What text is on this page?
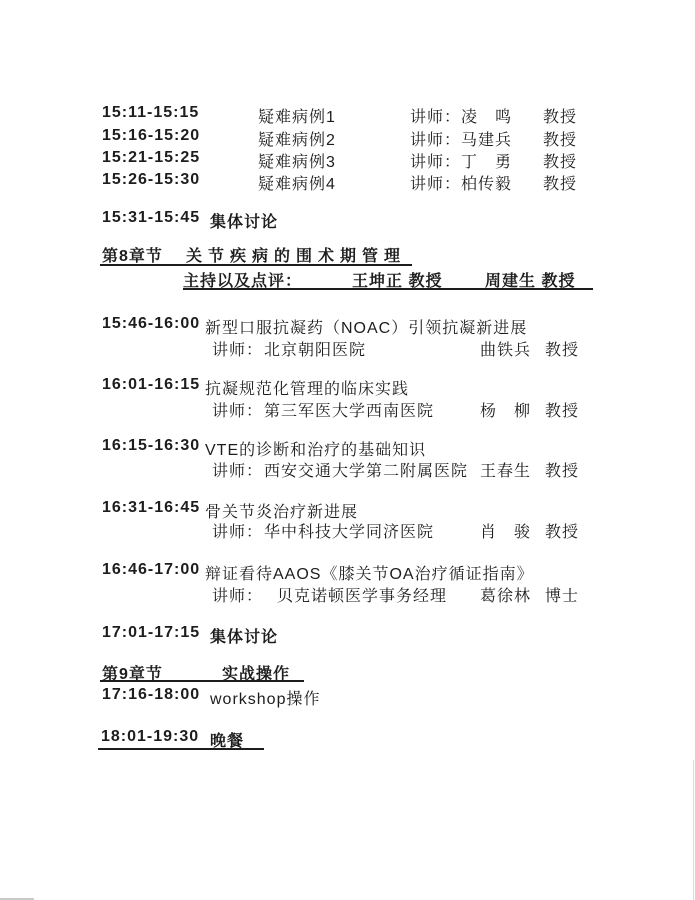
15:11-15:15	疑难病例1	讲师： 凌　鸣 教授
15:16-15:20	疑难病例2	讲师： 马建兵 教授
15:21-15:25	疑难病例3	讲师： 丁　勇 教授
15:26-15:30	疑难病例4	讲师： 柏传毅 教授
15:31-15:45 集体讨论
第8章节 关节疾病的围术期管理
主持以及点评：	王坤正 教授	周建生 教授
15:46-16:00 新型口服抗凝药（NOAC）引领抗凝新进展
讲师： 北京朝阳医院	曲铁兵 教授
16:01-16:15 抗凝规范化管理的临床实践
讲师： 第三军医大学西南医院	杨　柳 教授
16:15-16:30 VTE的诊断和治疗的基础知识
讲师： 西安交通大学第二附属医院 王春生 教授
16:31-16:45 骨关节炎治疗新进展
讲师： 华中科技大学同济医院	肖　骏 教授
16:46-17:00 辩证看待AAOS《膝关节OA治疗循证指南》
讲师： 贝克诺顿医学事务经理 葛徐林 博士
17:01-17:15 集体讨论
第9章节	实战操作
17:16-18:00 workshop操作
18:01-19:30 晚餐
